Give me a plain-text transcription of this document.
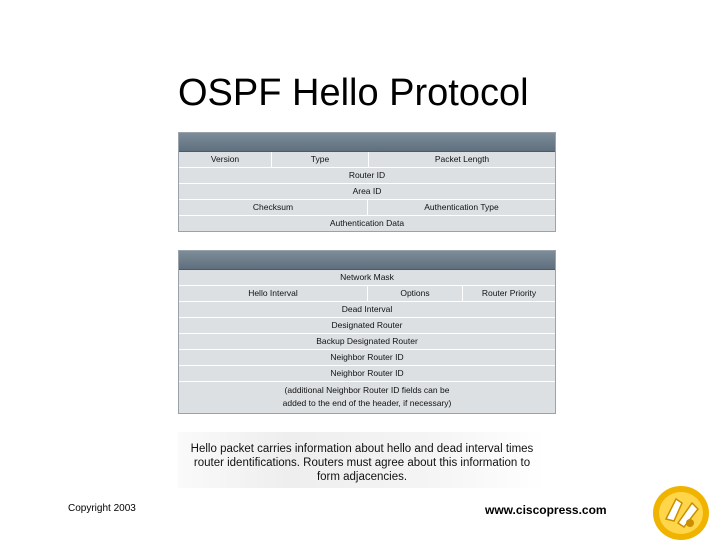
OSPF Hello Protocol
Version	Type	Packet Length
Router ID
Area ID
Checksum	Authentication Type
Authentication Data
Network Mask
Hello Interval	Options	Router Priority
Dead Interval
Designated Router
Backup Designated Router
Neighbor Router ID
Neighbor Router ID
(additional Neighbor Router ID fields can be
added to the end of the header, if necessary)
Hello packet carries information about hello and dead interval times
router identifications. Routers must agree about this information to
form adjacencies.
Copyright 2003	www.ciscopress.com
